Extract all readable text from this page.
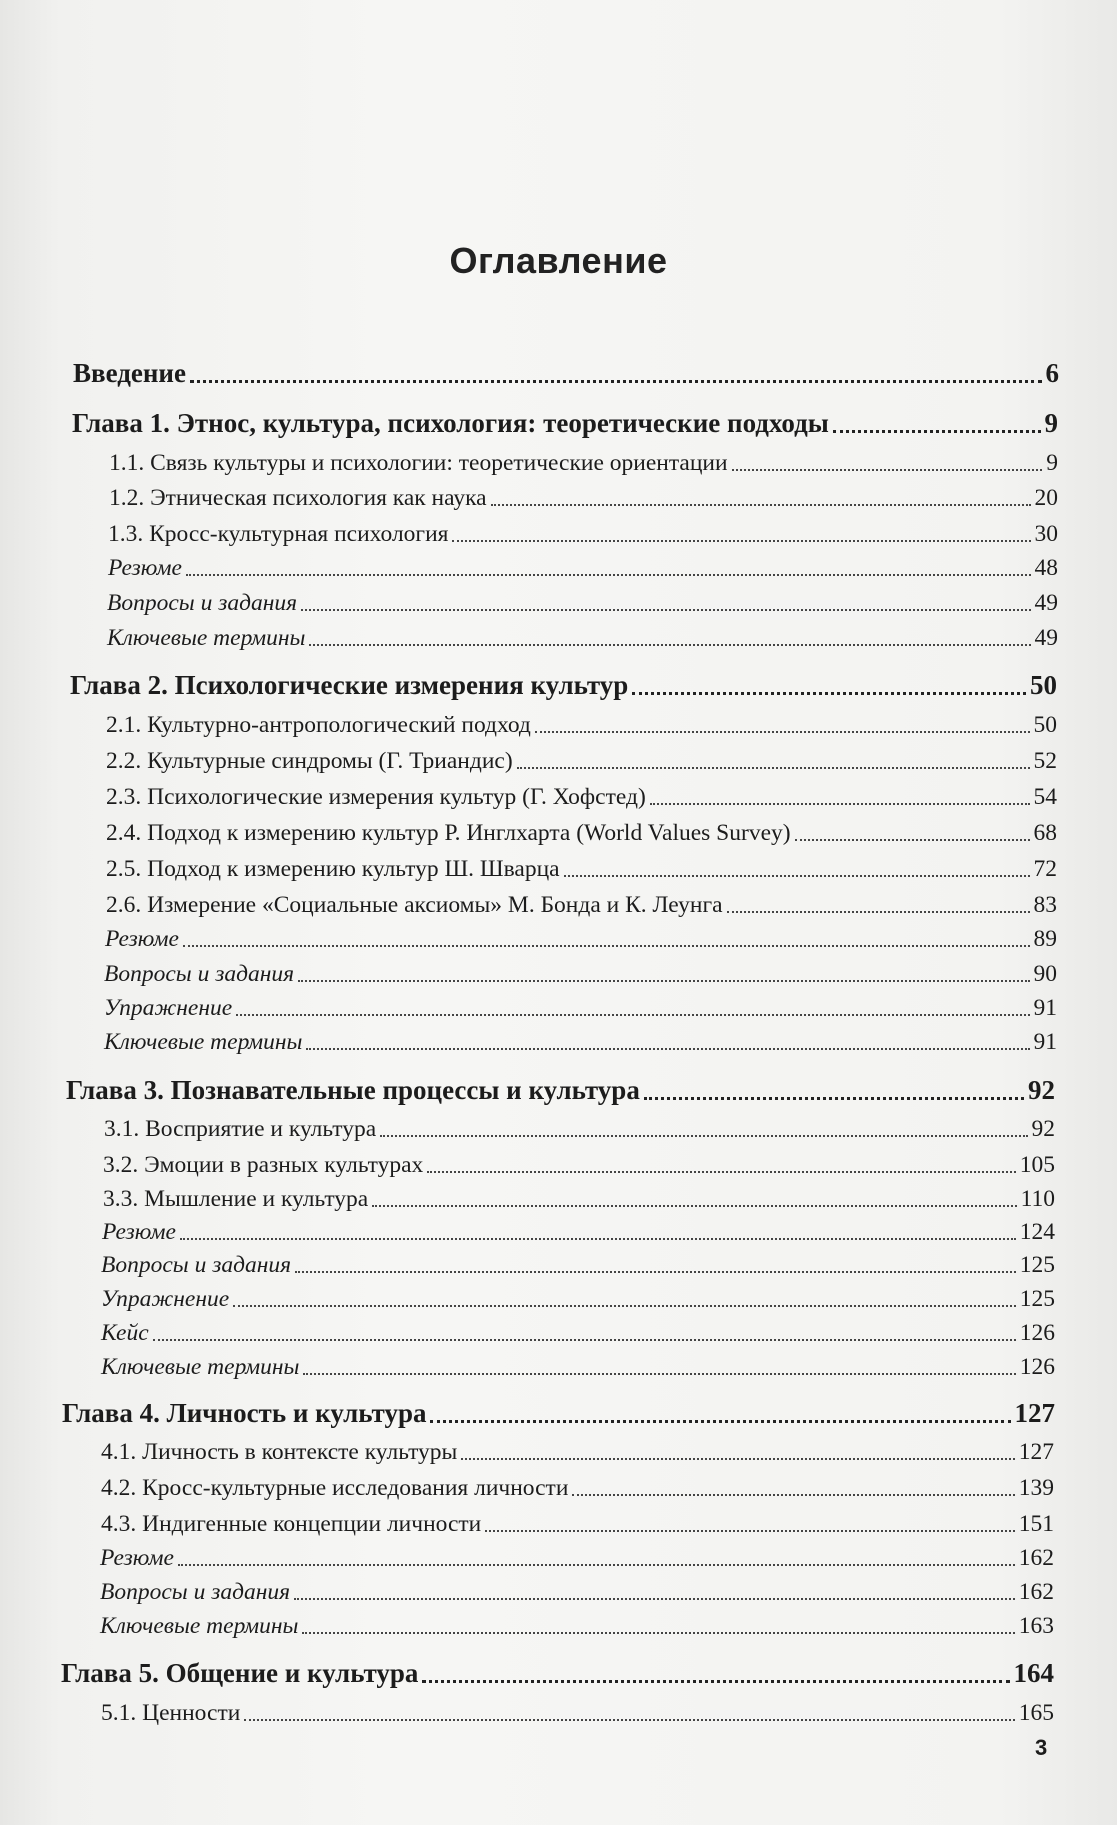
Оглавление
Введение	6
Глава 1. Этнос, культура, психология: теоретические подходы	9
1.1. Связь культуры и психологии: теоретические ориентации	9
1.2. Этническая психология как наука	20
1.3. Кросс-культурная психология	30
Резюме	48
Вопросы и задания	49
Ключевые термины	49
Глава 2. Психологические измерения культур	50
2.1. Культурно-антропологический подход	50
2.2. Культурные синдромы (Г. Триандис)	52
2.3. Психологические измерения культур (Г. Хофстед)	54
2.4. Подход к измерению культур Р. Инглхарта (World Values Survey)	68
2.5. Подход к измерению культур Ш. Шварца	72
2.6. Измерение «Социальные аксиомы» М. Бонда и К. Леунга	83
Резюме	89
Вопросы и задания	90
Упражнение	91
Ключевые термины	91
Глава 3. Познавательные процессы и культура	92
3.1. Восприятие и культура	92
3.2. Эмоции в разных культурах	105
3.3. Мышление и культура	110
Резюме	124
Вопросы и задания	125
Упражнение	125
Кейс	126
Ключевые термины	126
Глава 4. Личность и культура	127
4.1. Личность в контексте культуры	127
4.2. Кросс-культурные исследования личности	139
4.3. Индигенные концепции личности	151
Резюме	162
Вопросы и задания	162
Ключевые термины	163
Глава 5. Общение и культура	164
5.1. Ценности	165
3
